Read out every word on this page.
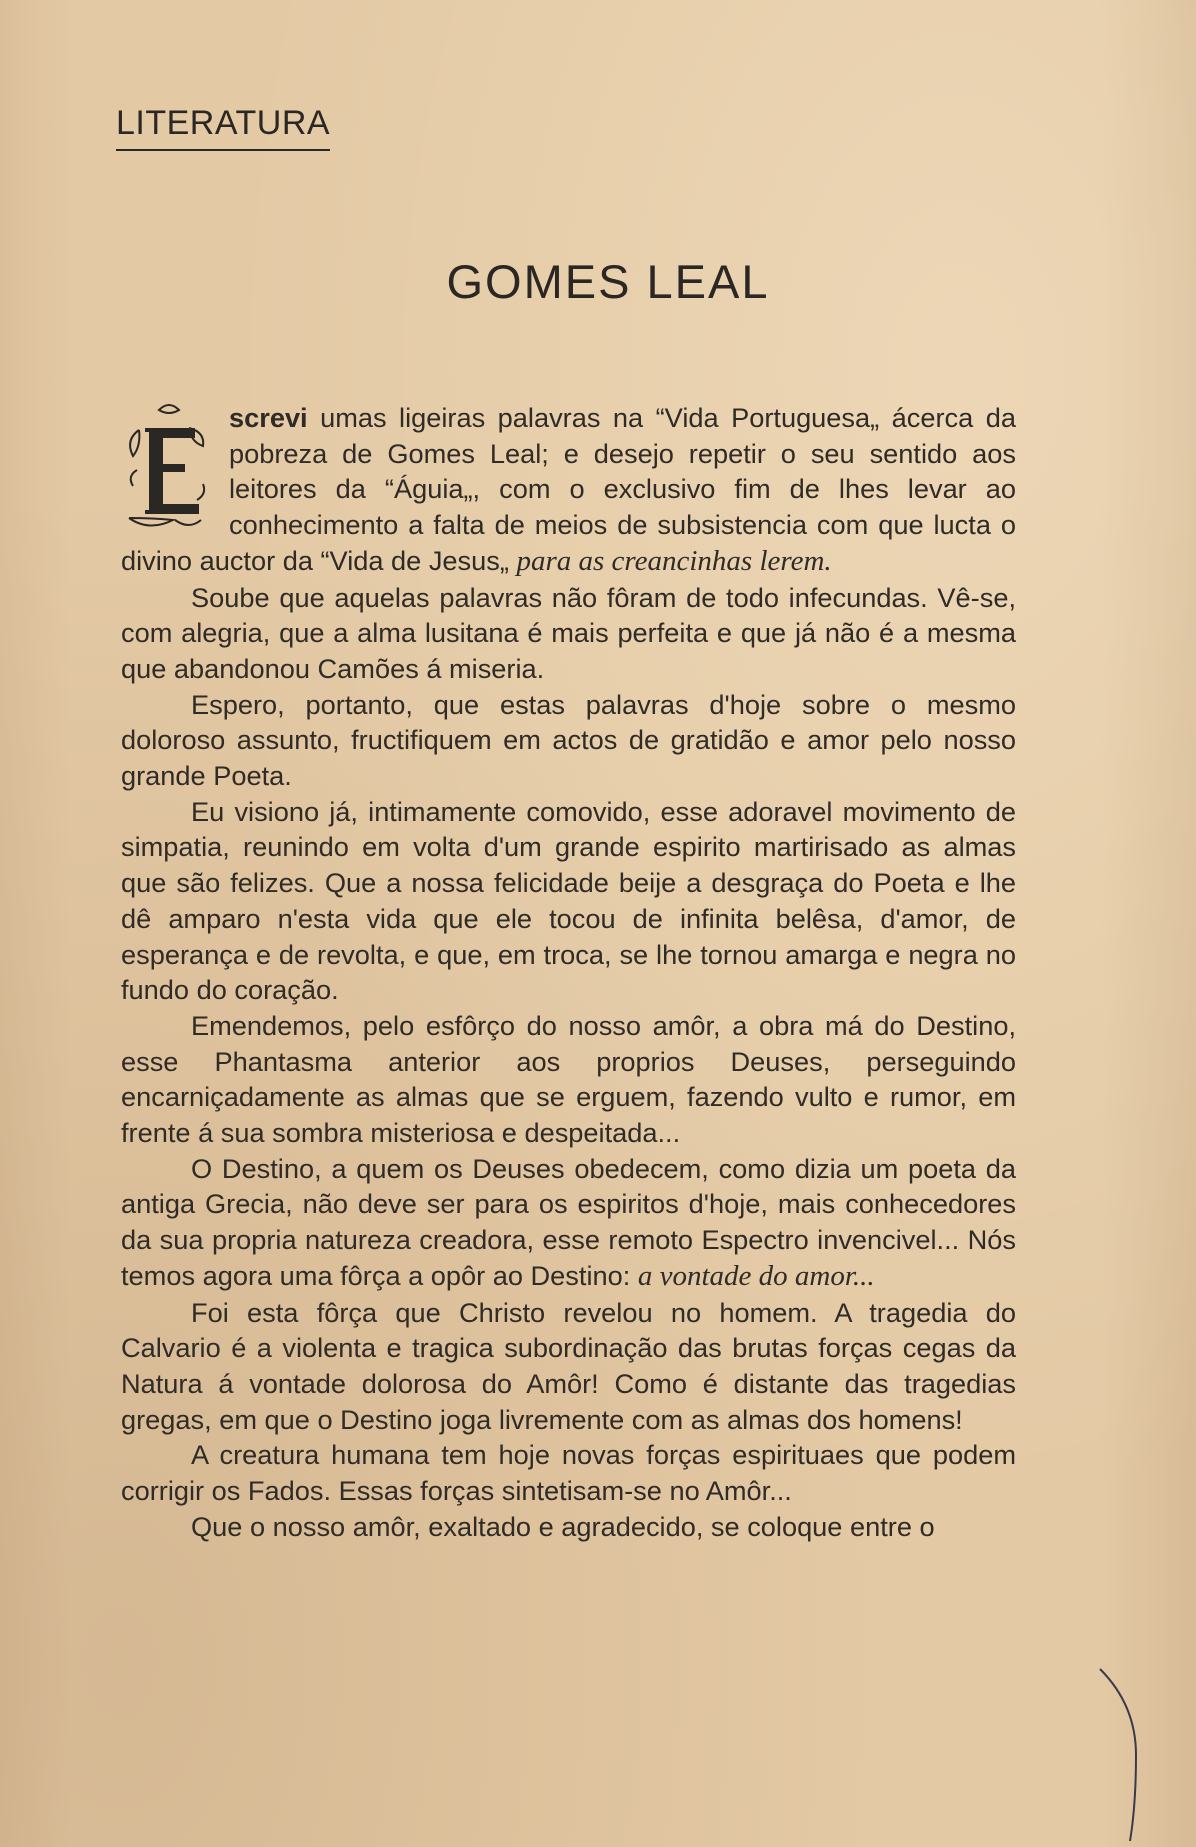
LITERATURA
GOMES LEAL

screvi umas ligeiras palavras na “Vida Portuguesa„ ácerca da pobreza de Gomes Leal; e desejo repetir o seu sentido aos leitores da “Águia„, com o exclusivo fim de lhes levar ao conhecimento a falta de meios de subsistencia com que lucta o divino auctor da “Vida de Jesus„ para as creancinhas lerem.

Soube que aquelas palavras não fôram de todo infecundas. Vê-se, com alegria, que a alma lusitana é mais perfeita e que já não é a mesma que abandonou Camões á miseria.

Espero, portanto, que estas palavras d'hoje sobre o mesmo doloroso assunto, fructifiquem em actos de gratidão e amor pelo nosso grande Poeta.

Eu visiono já, intimamente comovido, esse adoravel movimento de simpatia, reunindo em volta d'um grande espirito martirisado as almas que são felizes. Que a nossa felicidade beije a desgraça do Poeta e lhe dê amparo n'esta vida que ele tocou de infinita belêsa, d'amor, de esperança e de revolta, e que, em troca, se lhe tornou amarga e negra no fundo do coração.

Emendemos, pelo esfôrço do nosso amôr, a obra má do Destino, esse Phantasma anterior aos proprios Deuses, perseguindo encarniçadamente as almas que se erguem, fazendo vulto e rumor, em frente á sua sombra misteriosa e despeitada...

O Destino, a quem os Deuses obedecem, como dizia um poeta da antiga Grecia, não deve ser para os espiritos d'hoje, mais conhecedores da sua propria natureza creadora, esse remoto Espectro invencivel... Nós temos agora uma fôrça a opôr ao Destino: a vontade do amor...

Foi esta fôrça que Christo revelou no homem. A tragedia do Calvario é a violenta e tragica subordinação das brutas forças cegas da Natura á vontade dolorosa do Amôr! Como é distante das tragedias gregas, em que o Destino joga livremente com as almas dos homens!

A creatura humana tem hoje novas forças espirituaes que podem corrigir os Fados. Essas forças sintetisam-se no Amôr...

Que o nosso amôr, exaltado e agradecido, se coloque entre o
